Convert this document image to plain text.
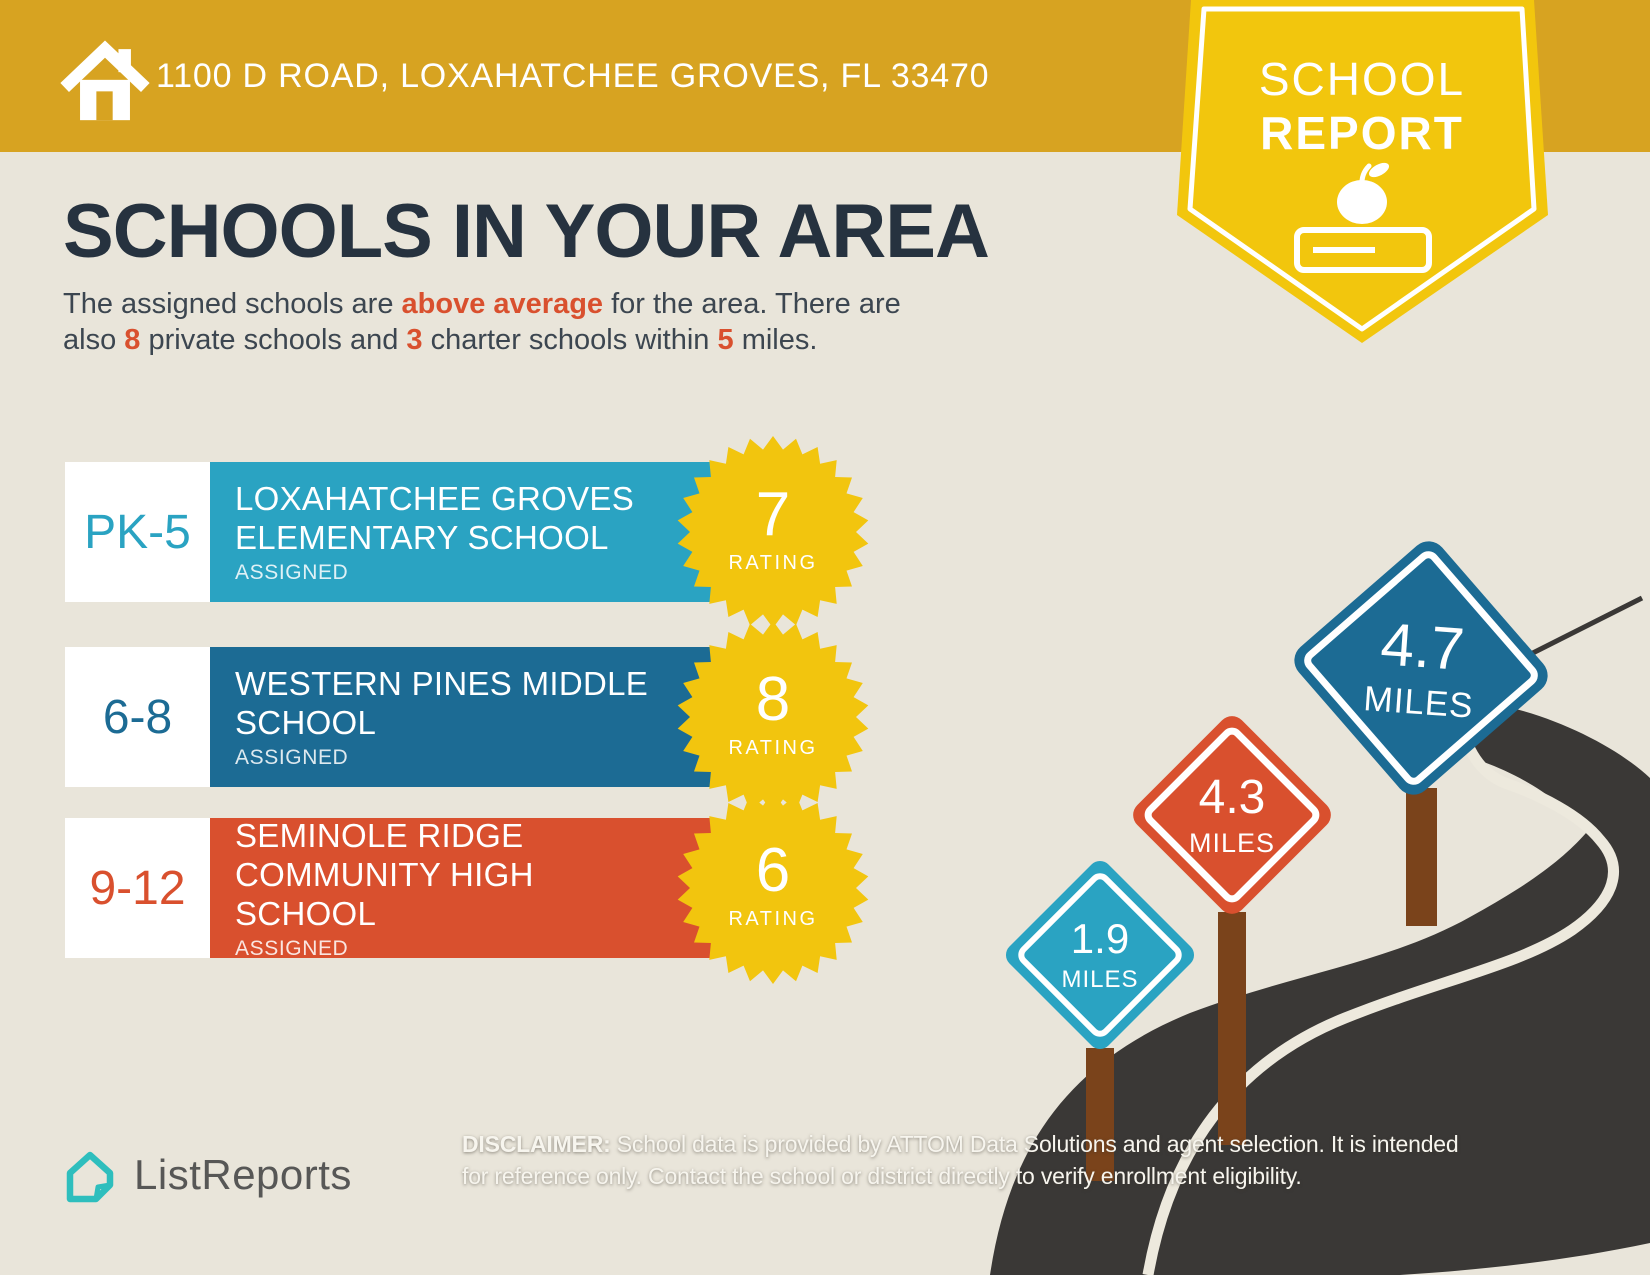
1.9
MILES
4.3
MILES
4.7
MILES
1100 D ROAD, LOXAHATCHEE GROVES, FL 33470	SCHOOL
REPORT
SCHOOLS IN YOUR AREA
The assigned schools are above average for the area. There are
also 8 private schools and 3 charter schools within 5 miles.
PK-5
LOXAHATCHEE GROVES ELEMENTARY SCHOOL
ASSIGNED
7
RATING
6-8
WESTERN PINES MIDDLE SCHOOL
ASSIGNED
8
RATING
9-12
SEMINOLE RIDGE COMMUNITY HIGH SCHOOL
ASSIGNED
6
RATING
ListReports
DISCLAIMER: School data is provided by ATTOM Data Solutions and agent selection. It is intended
for reference only. Contact the school or district directly to verify enrollment eligibility.
